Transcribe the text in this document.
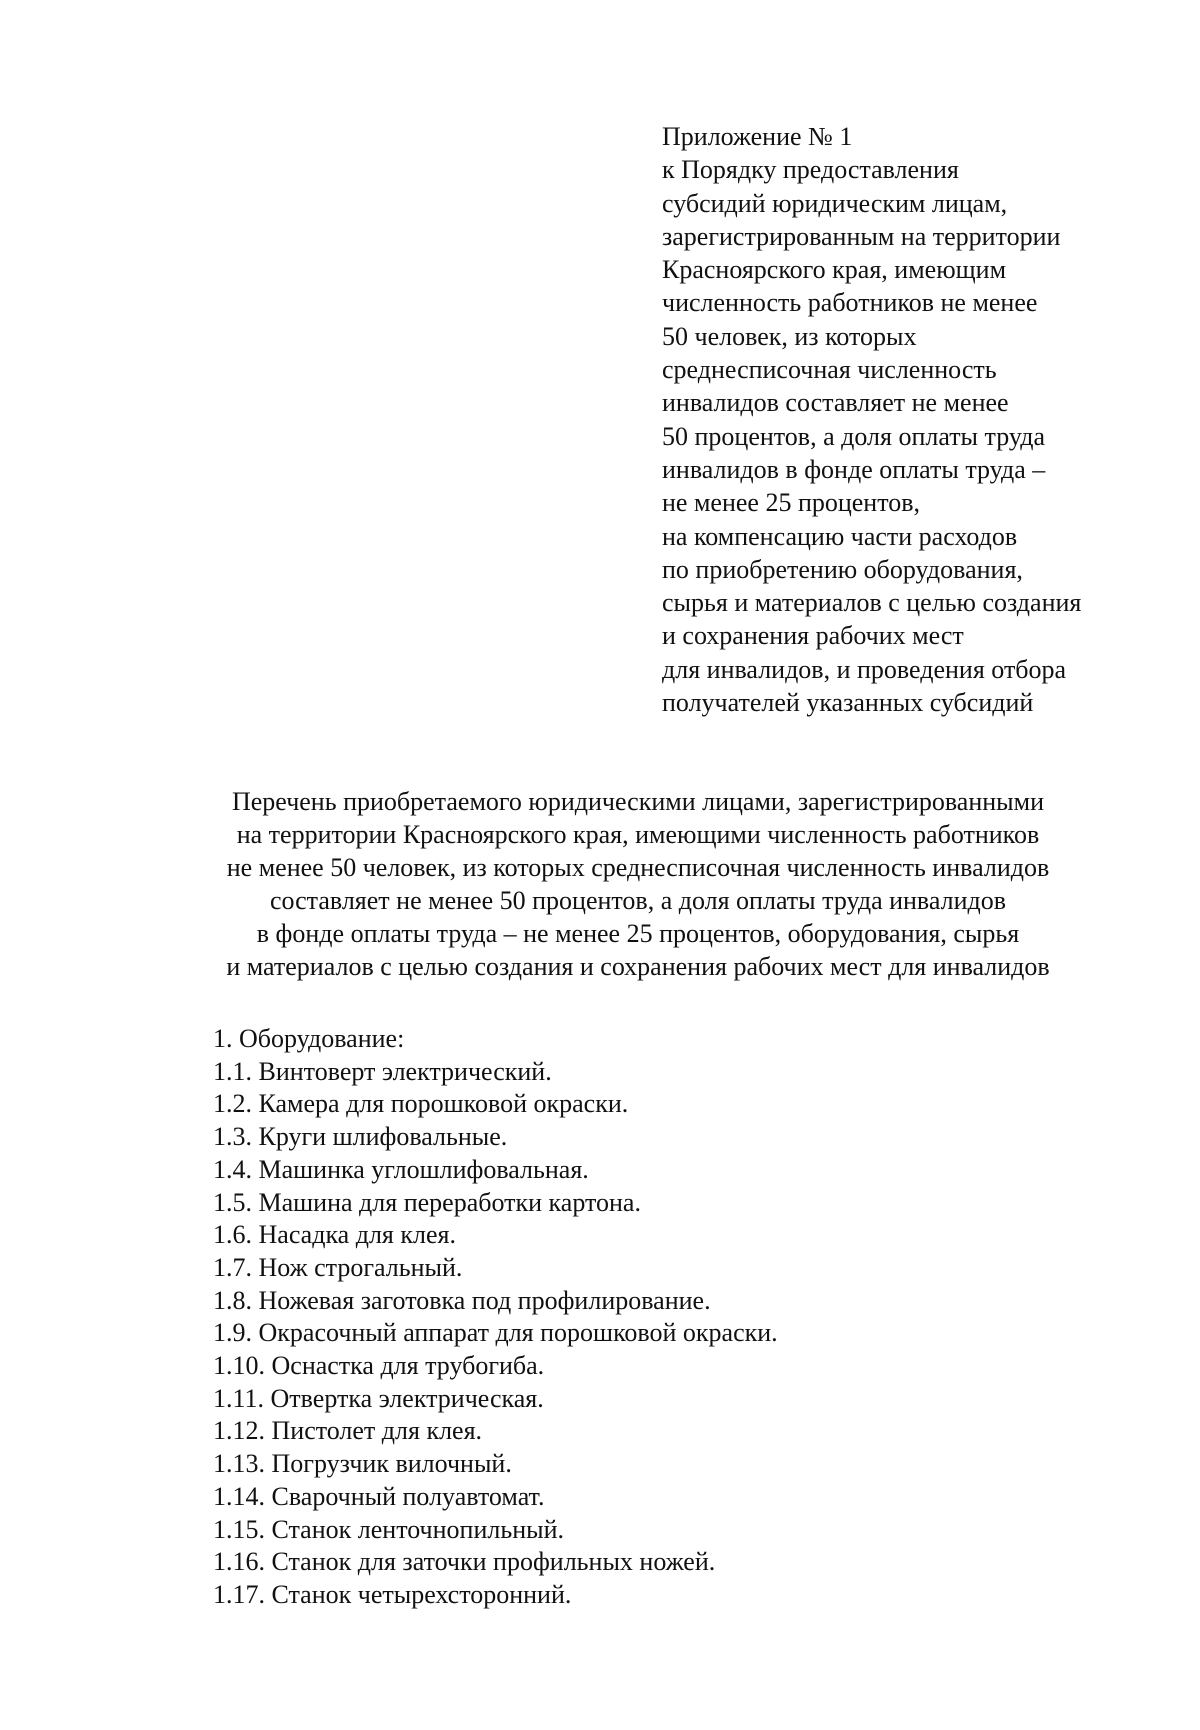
Приложение № 1
к Порядку предоставления
субсидий юридическим лицам,
зарегистрированным на территории
Красноярского края, имеющим
численность работников не менее
50 человек, из которых
среднесписочная численность
инвалидов составляет не менее
50 процентов, а доля оплаты труда
инвалидов в фонде оплаты труда –
не менее 25 процентов,
на компенсацию части расходов
по приобретению оборудования,
сырья и материалов с целью создания
и сохранения рабочих мест
для инвалидов, и проведения отбора
получателей указанных субсидий
Перечень приобретаемого юридическими лицами, зарегистрированными
на территории Красноярского края, имеющими численность работников
не менее 50 человек, из которых среднесписочная численность инвалидов
составляет не менее 50 процентов, а доля оплаты труда инвалидов
в фонде оплаты труда – не менее 25 процентов, оборудования, сырья
и материалов с целью создания и сохранения рабочих мест для инвалидов
1. Оборудование:
1.1. Винтоверт электрический.
1.2. Камера для порошковой окраски.
1.3. Круги шлифовальные.
1.4. Машинка углошлифовальная.
1.5. Машина для переработки картона.
1.6. Насадка для клея.
1.7. Нож строгальный.
1.8. Ножевая заготовка под профилирование.
1.9. Окрасочный аппарат для порошковой окраски.
1.10. Оснастка для трубогиба.
1.11. Отвертка электрическая.
1.12. Пистолет для клея.
1.13. Погрузчик вилочный.
1.14. Сварочный полуавтомат.
1.15. Станок ленточнопильный.
1.16. Станок для заточки профильных ножей.
1.17. Станок четырехсторонний.
